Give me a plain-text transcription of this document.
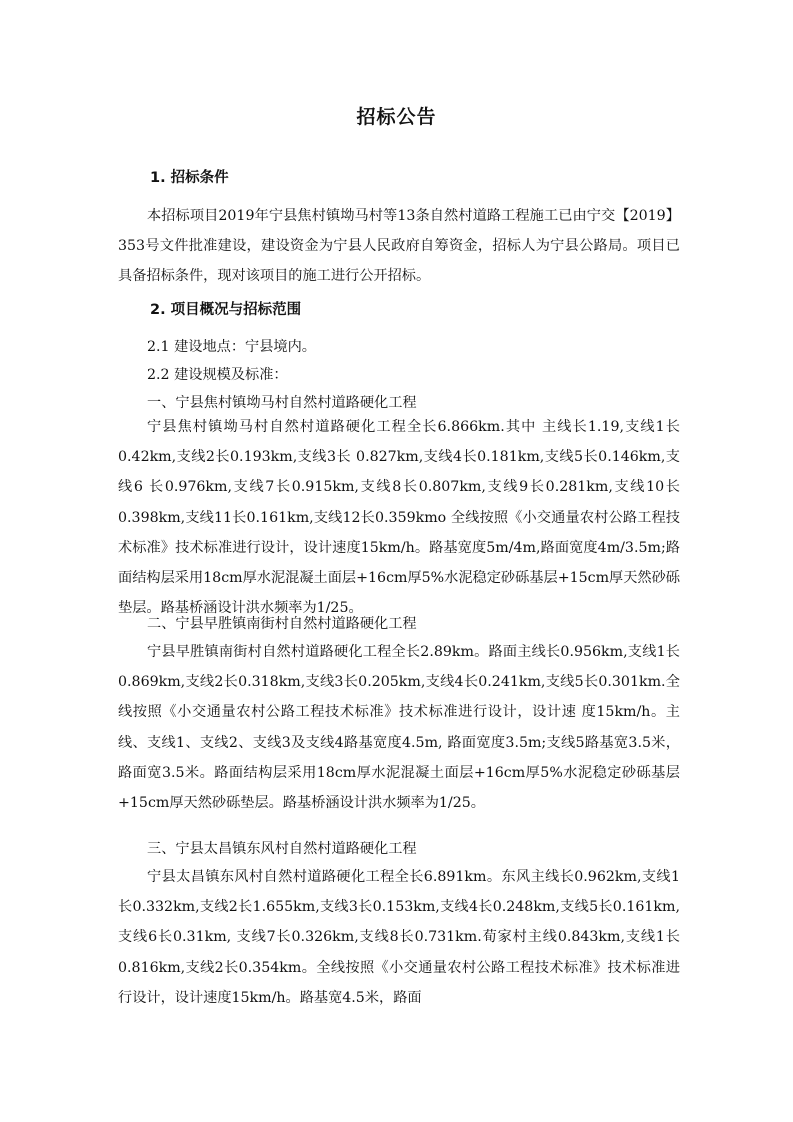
招标公告
1. 招标条件

本招标项目2019年宁县焦村镇坳马村等13条自然村道路工程施工已由宁交【2019】353号文件批准建设，建设资金为宁县人民政府自筹资金，招标人为宁县公路局。项目已具备招标条件，现对该项目的施工进行公开招标。

2. 项目概况与招标范围
2.1 建设地点：宁县境内。
2.2 建设规模及标准：
一、宁县焦村镇坳马村自然村道路硬化工程

宁县焦村镇坳马村自然村道路硬化工程全长6.866km.其中 主线长1.19,支线1长0.42km,支线2长0.193km,支线3长 0.827km,支线4长0.181km,支线5长0.146km,支线6 长0.976km,支线7长0.915km,支线8长0.807km,支线9长0.281km,支线10长0.398km,支线11长0.161km,支线12长0.359kmo 全线按照《小交通量农村公路工程技术标准》技术标准进行设计，设计速度15km/h。路基宽度5m/4m,路面宽度4m/3.5m;路面结构层采用18cm厚水泥混凝土面层+16cm厚5%水泥稳定砂砾基层+15cm厚天然砂砾垫层。路基桥涵设计洪水频率为1/25。

二、宁县早胜镇南街村自然村道路硬化工程

宁县早胜镇南街村自然村道路硬化工程全长2.89km。路面主线长0.956km,支线1长0.869km,支线2长0.318km,支线3长0.205km,支线4长0.241km,支线5长0.301km.全线按照《小交通量农村公路工程技术标准》技术标准进行设计，设计速 度15km/h。主线、支线1、支线2、支线3及支线4路基宽度4.5m, 路面宽度3.5m;支线5路基宽3.5米，路面宽3.5米。路面结构层采用18cm厚水泥混凝土面层+16cm厚5%水泥稳定砂砾基层+15cm厚天然砂砾垫层。路基桥涵设计洪水频率为1/25。

三、宁县太昌镇东风村自然村道路硬化工程

宁县太昌镇东风村自然村道路硬化工程全长6.891km。东风主线长0.962km,支线1长0.332km,支线2长1.655km,支线3长0.153km,支线4长0.248km,支线5长0.161km,支线6长0.31km, 支线7长0.326km,支线8长0.731km.荀家村主线0.843km,支线1长0.816km,支线2长0.354km。全线按照《小交通量农村公路工程技术标准》技术标准进行设计，设计速度15km/h。路基宽4.5米，路面
